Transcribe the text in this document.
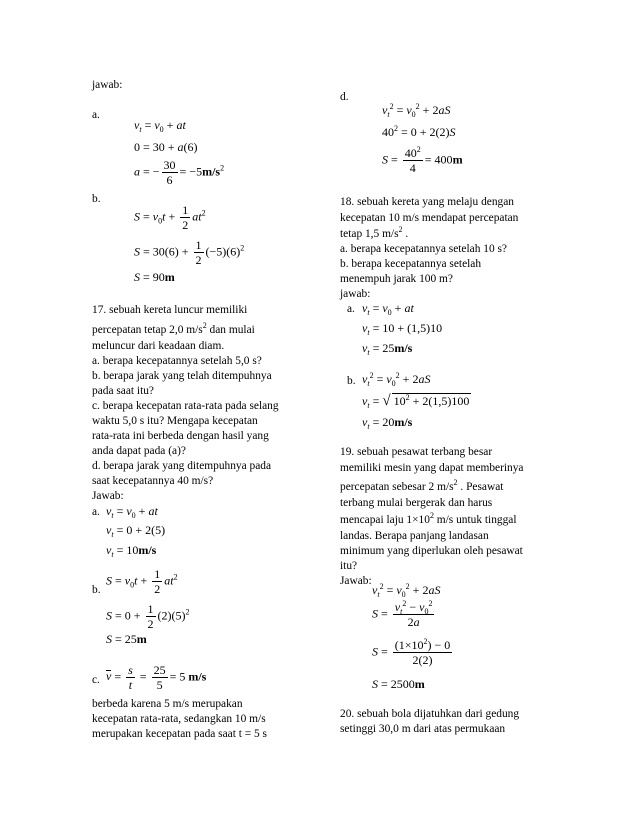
jawab:
a.
$v_t = v_0$ + at
0 = 30 + a(6)
a = − $\frac{30}{6} = -5m/s^2$
b.
$S = v_0t + \frac{1}{2} at^2$
$S = 30(6) + \frac{1}{2} (-5)(6)^2$
S = 90m
17. sebuah kereta luncur memiliki
percepatan tetap 2,0 $m/s^2$ dan mulai
meluncur dari keadaan diam.
a. berapa kecepatannya setelah 5,0 s?
b. berapa jarak yang telah ditempuhnya
pada saat itu?
c. berapa kecepatan rata-rata pada selang
waktu 5,0 s itu? Mengapa kecepatan
rata-rata ini berbeda dengan hasil yang
anda dapat pada (a)?
d. berapa jarak yang ditempuhnya pada
saat kecepatannya 40 m/s?
Jawab:
a. $v_t = v_0$ + at
$v_t = 0 + 2(5)$
$v_t = 10m/s$
b.
$S = v_0t + \frac{1}{2} at^2$
$S = 0 + \frac{1}{2} (2)(5)^2$
S = 25m
c. $v = \frac{s}{t} = \frac{25}{5} = 5$ m/s
berbeda karena 5 m/s merupakan
kecepatan rata-rata, sedangkan 10 m/s
merupakan kecepatan pada saat t = 5 s
d.
$v_t^2 = v_0^2 + 2aS$
$40^2 = 0 + 2(2)S$
$S = \frac{40^2}{4} = 400m$
18. sebuah kereta yang melaju dengan
kecepatan 10 m/s mendapat percepatan
tetap 1,5 $m/s^2$ .
a. berapa kecepatannya setelah 10 s?
b. berapa kecepatannya setelah
menempuh jarak 100 m?
jawab:
a. $v_t = v_0$ + at
$v_t = 10 + (1,5)10$
$v_t = 25m/s$
b. $v_t^2 = v_0^2 + 2aS$
$v_t$ = √ $10^2 + 2(1,5)100$
$v_t = 20m/s$
19. sebuah pesawat terbang besar
memiliki mesin yang dapat memberinya
percepatan sebesar 2 $m/s^2$ . Pesawat
terbang mulai bergerak dan harus
mencapai laju $1\times 10^2$ m/s untuk tinggal
landas. Berapa panjang landasan
minimum yang diperlukan oleh pesawat
itu?
Jawab:
$v_t^2 = v_0^2 + 2aS$
$S = \frac{v_t^2 - v_0^2}{2a}$
$S = \frac{(1\times 10^2) - 0}{2(2)}$
S = 2500m
20. sebuah bola dijatuhkan dari gedung
setinggi 30,0 m dari atas permukaan
